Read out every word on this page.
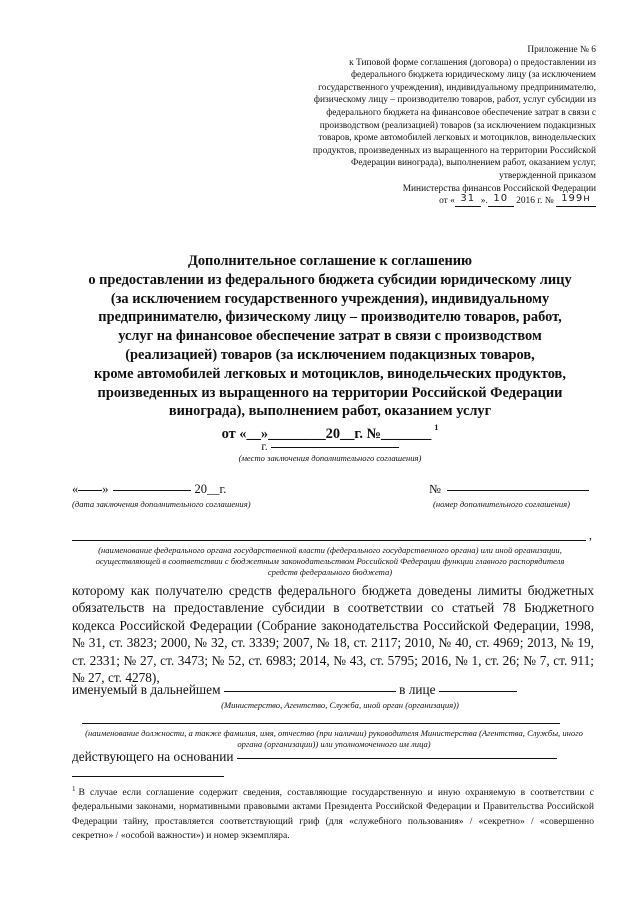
Приложение № 6
к Типовой форме соглашения (договора) о предоставлении из
федерального бюджета юридическому лицу (за исключением
государственного учреждения), индивидуальному предпринимателю,
физическому лицу – производителю товаров, работ, услуг субсидии из
федерального бюджета на финансовое обеспечение затрат в связи с
производством (реализацией) товаров (за исключением подакцизных
товаров, кроме автомобилей легковых и мотоциклов, винодельческих
продуктов, произведенных из выращенного на территории Российской
Федерации винограда), выполнением работ, оказанием услуг,
утвержденной приказом
Министерства финансов Российской Федерации
от « 31 ». 10 2016 г. № 199н
Дополнительное соглашение к соглашению
о предоставлении из федерального бюджета субсидии юридическому лицу
(за исключением государственного учреждения), индивидуальному
предпринимателю, физическому лицу – производителю товаров, работ,
услуг на финансовое обеспечение затрат в связи с производством
(реализацией) товаров (за исключением подакцизных товаров,
кроме автомобилей легковых и мотоциклов, винодельческих продуктов,
произведенных из выращенного на территории Российской Федерации
винограда), выполнением работ, оказанием услуг
от «__»________20__г. №_______ $^1$
г.
(место заключения дополнительного соглашения)
« »	20__г.
(дата заключения дополнительного соглашения)
№
(номер дополнительного соглашения)
,
(наименование федерального органа государственной власти (федерального государственного органа) или иной организации, осуществляющей в соответствии с бюджетным законодательством Российской Федерации функции главного распорядителя средств федерального бюджета)
которому как получателю средств федерального бюджета доведены лимиты бюджетных обязательств на предоставление субсидии в соответствии со статьей 78 Бюджетного кодекса Российской Федерации (Собрание законодательства Российской Федерации, 1998, № 31, ст. 3823; 2000, № 32, ст. 3339; 2007, № 18, ст. 2117; 2010, № 40, ст. 4969; 2013, № 19, ст. 2331; № 27, ст. 3473; № 52, ст. 6983; 2014, № 43, ст. 5795; 2016, № 1, ст. 26; № 7, ст. 911; № 27, ст. 4278),
именуемый в дальнейшем	в лице
(Министерство, Агентство, Служба, иной орган (организация))
(наименование должности, а также фамилия, имя, отчество (при наличии) руководителя Министерства (Агентства, Службы, иного органа (организации)) или уполномоченного им лица)
действующего на основании
$^1$ В случае если соглашение содержит сведения, составляющие государственную и иную охраняемую в соответствии с федеральными законами, нормативными правовыми актами Президента Российской Федерации и Правительства Российской Федерации тайну, проставляется соответствующий гриф (для «служебного пользования» / «секретно» / «совершенно секретно» / «особой важности») и номер экземпляра.
